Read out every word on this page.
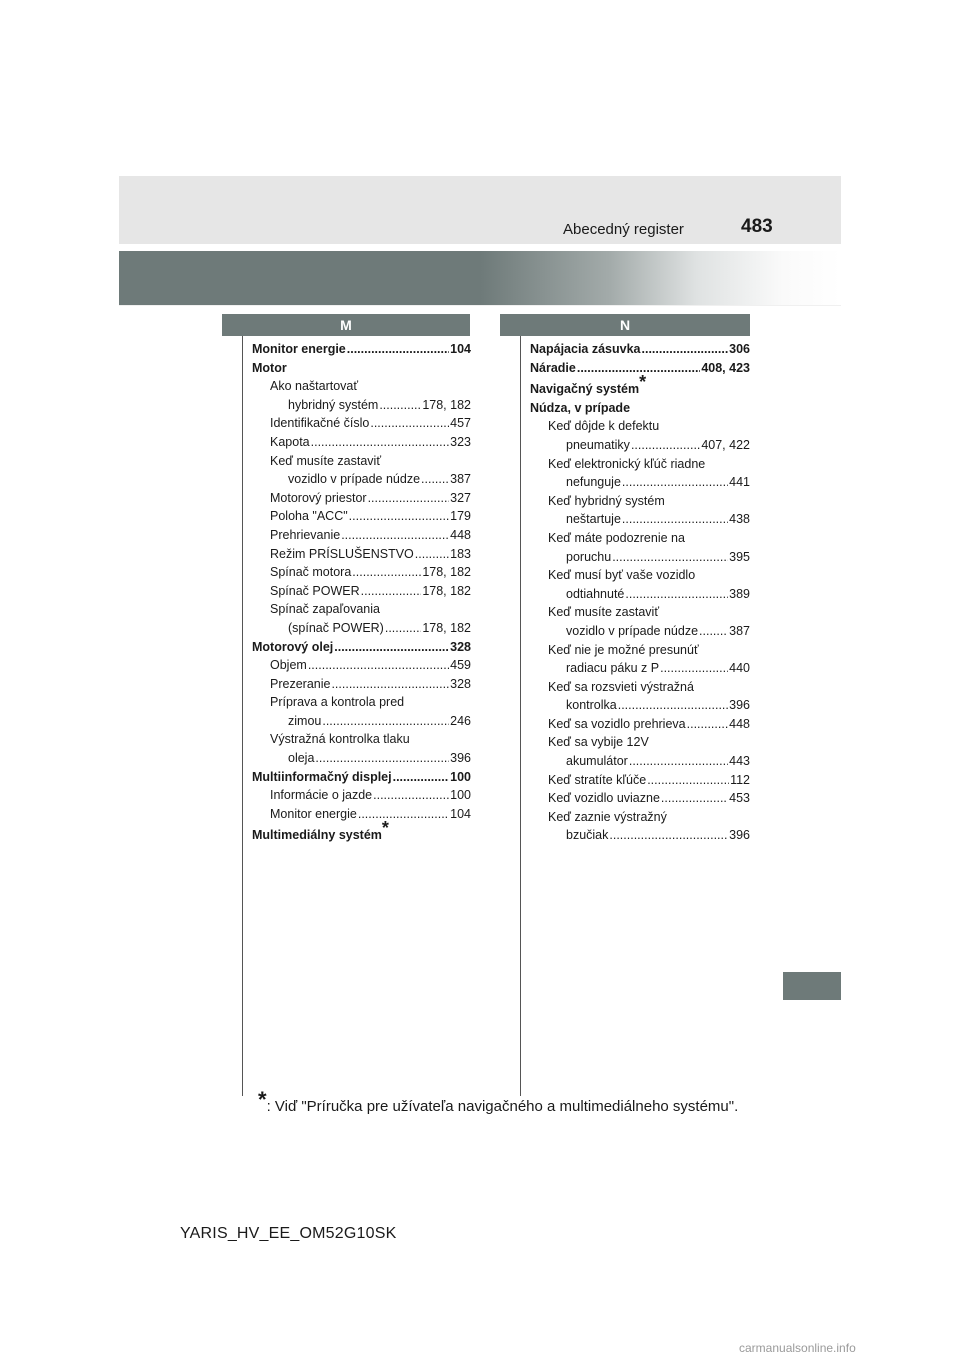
Abecedný register	483
M	N
Monitor energie .....	104
Motor
Ako naštartovať
hybridný systém .....	178, 182
Identifikačné číslo .....	457
Kapota .....	323
Keď musíte zastaviť
vozidlo v prípade núdze ..... 387
Motorový priestor .....	327
Poloha "ACC" .....	179
Prehrievanie .....	448
Režim PRÍSLUŠENSTVO .....	183
Spínač motora .....	178, 182
Spínač POWER .....	178, 182
Spínač zapaľovania
(spínač POWER) .....	178, 182
Motorový olej .....	328
Objem .....	459
Prezeranie .....	328
Príprava a kontrola pred
zimou .....	246
Výstražná kontrolka tlaku
oleja .....	396
Multiinformačný displej .....	100
Informácie o jazde .....	100
Monitor energie .....	104
Multimediálny systém*
Napájacia zásuvka .....	306
Náradie .....	408, 423
Navigačný systém*
Núdza, v prípade
Keď dôjde k defektu
pneumatiky .....	407, 422
Keď elektronický kľúč riadne
nefunguje .....	441
Keď hybridný systém
neštartuje .....	438
Keď máte podozrenie na
poruchu .....	395
Keď musí byť vaše vozidlo
odtiahnuté .....	389
Keď musíte zastaviť
vozidlo v prípade núdze ..... 387
Keď nie je možné presunúť
radiacu páku z P .....	440
Keď sa rozsvieti výstražná
kontrolka .....	396
Keď sa vozidlo prehrieva .....	448
Keď sa vybije 12V
akumulátor .....	443
Keď stratíte kľúče .....	112
Keď vozidlo uviazne .....	453
Keď zaznie výstražný
bzučiak .....	396
*: Viď "Príručka pre užívateľa navigačného a multimediálneho systému".
YARIS_HV_EE_OM52G10SK
carmanualsonline.info
